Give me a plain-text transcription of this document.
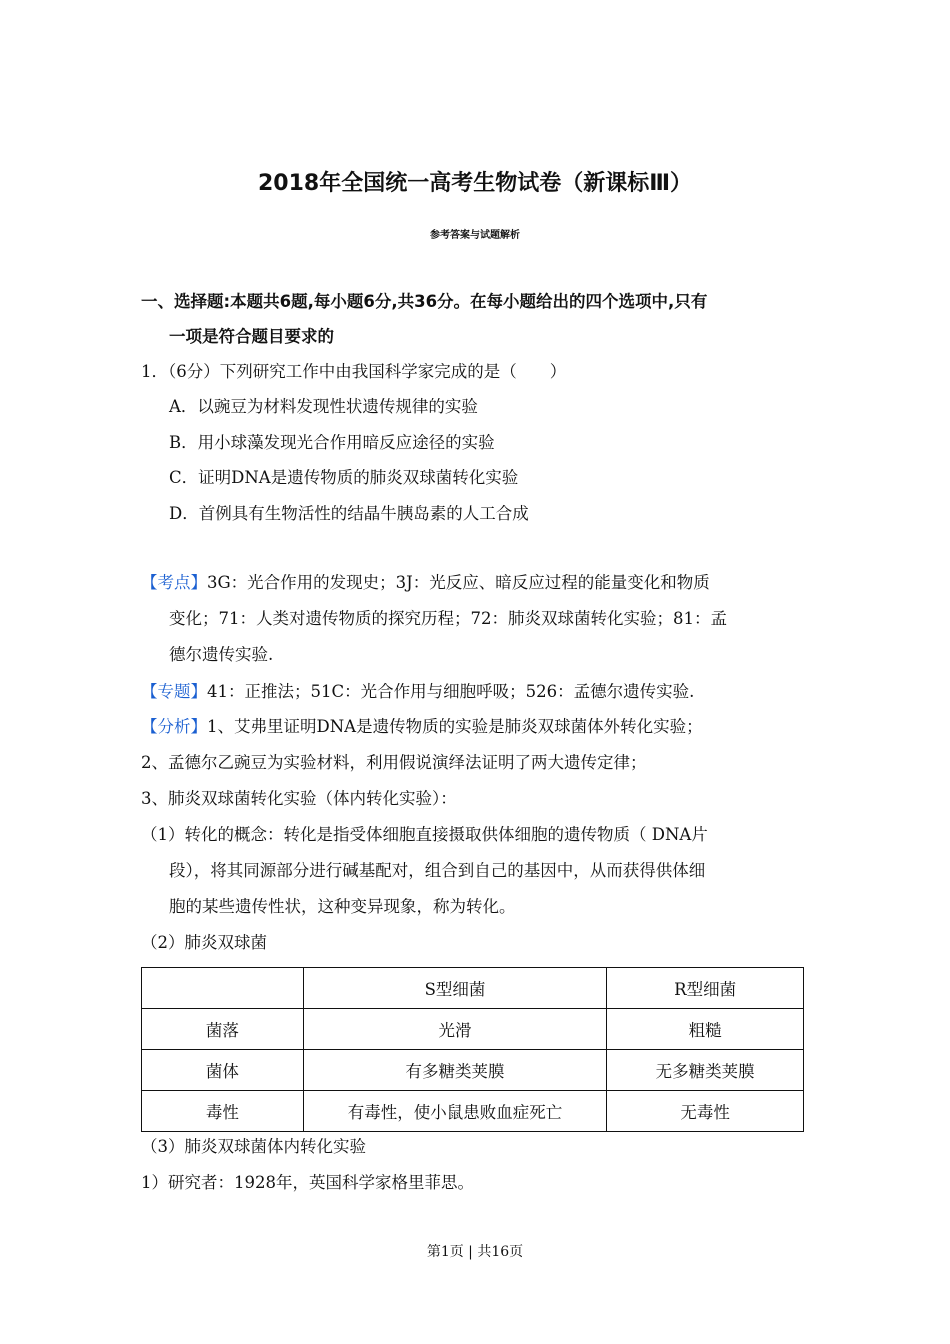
2018年全国统一高考生物试卷（新课标Ⅲ）
参考答案与试题解析
一、选择题:本题共6题,每小题6分,共36分。在每小题给出的四个选项中,只有
一项是符合题目要求的
1．（6分）下列研究工作中由我国科学家完成的是（　　）
A．以豌豆为材料发现性状遗传规律的实验
B．用小球藻发现光合作用暗反应途径的实验
C．证明DNA是遗传物质的肺炎双球菌转化实验
D．首例具有生物活性的结晶牛胰岛素的人工合成
【考点】3G：光合作用的发现史；3J：光反应、暗反应过程的能量变化和物质
变化；71：人类对遗传物质的探究历程；72：肺炎双球菌转化实验；81：孟
德尔遗传实验.
【专题】41：正推法；51C：光合作用与细胞呼吸；526：孟德尔遗传实验.
【分析】1、艾弗里证明DNA是遗传物质的实验是肺炎双球菌体外转化实验；
2、孟德尔乙豌豆为实验材料，利用假说演绎法证明了两大遗传定律；
3、肺炎双球菌转化实验（体内转化实验）：
（1）转化的概念：转化是指受体细胞直接摄取供体细胞的遗传物质（ DNA片
段），将其同源部分进行碱基配对，组合到自己的基因中，从而获得供体细
胞的某些遗传性状，这种变异现象，称为转化。
（2）肺炎双球菌
	S型细菌	R型细菌
菌落	光滑	粗糙
菌体	有多糖类荚膜	无多糖类荚膜
毒性	有毒性，使小鼠患败血症死亡	无毒性
（3）肺炎双球菌体内转化实验
1）研究者：1928年，英国科学家格里菲思。
第1页 | 共16页
